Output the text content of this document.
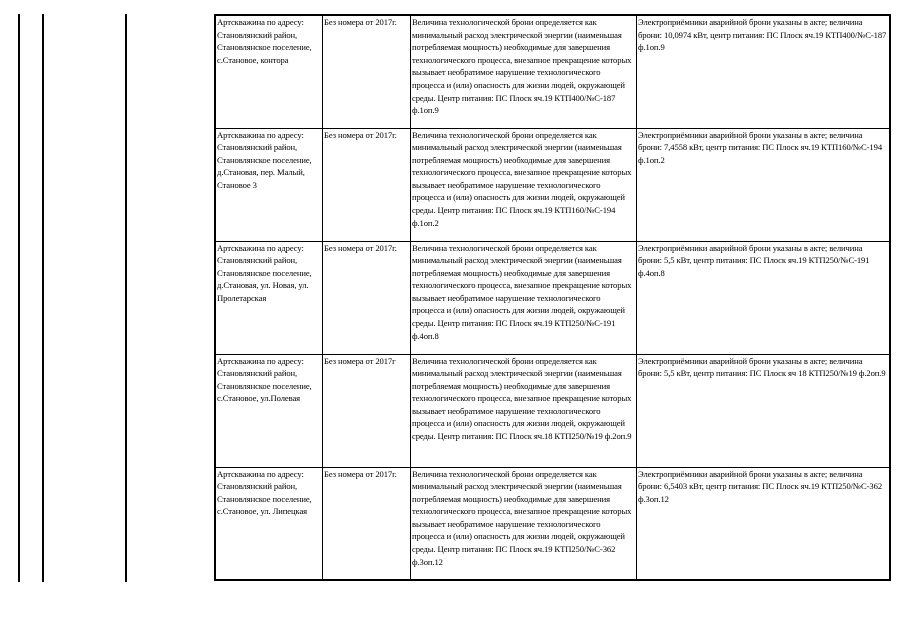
Артскважина по адресу: Становлянский район, Становлянское поселение, с.Становое, контора	Без номера от 2017г.	Величина технологической брони определяется как минимальный расход электрической энергии (наименьшая потребляемая мощность) необходимые для завершения технологического процесса, внезапное прекращение которых вызывает необратимое нарушение технологического процесса и (или) опасность для жизни людей, окружающей среды. Центр питания: ПС Плоск яч.19 КТП400/№С-187 ф.1оп.9	Электроприёмники аварийной брони указаны в акте; величина брони: 10,0974 кВт, центр питания: ПС Плоск яч.19 КТП400/№С-187 ф.1оп.9
Артскважина по адресу: Становлянский район, Становлянское поселение, д.Становая, пер. Малый, Становое 3	Без номера от 2017г.	Величина технологической брони определяется как минимальный расход электрической энергии (наименьшая потребляемая мощность) необходимые для завершения технологического процесса, внезапное прекращение которых вызывает необратимое нарушение технологического процесса и (или) опасность для жизни людей, окружающей среды. Центр питания: ПС Плоск яч.19 КТП160/№С-194 ф.1оп.2	Электроприёмники аварийной брони указаны в акте; величина брони: 7,4558 кВт, центр питания: ПС Плоск яч.19 КТП160/№С-194 ф.1оп.2
Артскважина по адресу: Становлянский район, Становлянское поселение, д.Становая, ул. Новая, ул. Пролетарская	Без номера от 2017г.	Величина технологической брони определяется как минимальный расход электрической энергии (наименьшая потребляемая мощность) необходимые для завершения технологического процесса, внезапное прекращение которых вызывает необратимое нарушение технологического процесса и (или) опасность для жизни людей, окружающей среды. Центр питания: ПС Плоск яч.19 КТП250/№С-191 ф.4оп.8	Электроприёмники аварийной брони указаны в акте; величина брони: 5,5 кВт, центр питания: ПС Плоск яч.19 КТП250/№С-191 ф.4оп.8
Артскважина по адресу: Становлянский район, Становлянское поселение, с.Становое, ул.Полевая	Без номера от 2017г	Величина технологической брони определяется как минимальный расход электрической энергии (наименьшая потребляемая мощность) необходимые для завершения технологического процесса, внезапное прекращение которых вызывает необратимое нарушение технологического процесса и (или) опасность для жизни людей, окружающей среды. Центр питания: ПС Плоск яч.18 КТП250/№19 ф.2оп.9	Электроприёмники аварийной брони указаны в акте; величина брони: 5,5 кВт, центр питания: ПС Плоск яч 18 КТП250/№19 ф.2оп.9
Артскважина по адресу: Становлянский район, Становлянское поселение, с.Становое, ул. Липецкая	Без номера от 2017г.	Величина технологической брони определяется как минимальный расход электрической энергии (наименьшая потребляемая мощность) необходимые для завершения технологического процесса, внезапное прекращение которых вызывает необратимое нарушение технологического процесса и (или) опасность для жизни людей, окружающей среды. Центр питания: ПС Плоск яч.19 КТП250/№С-362 ф.3оп.12	Электроприёмники аварийной брони указаны в акте; величина брони: 6,5403 кВт, центр питания: ПС Плоск яч.19 КТП250/№С-362 ф.3оп.12
